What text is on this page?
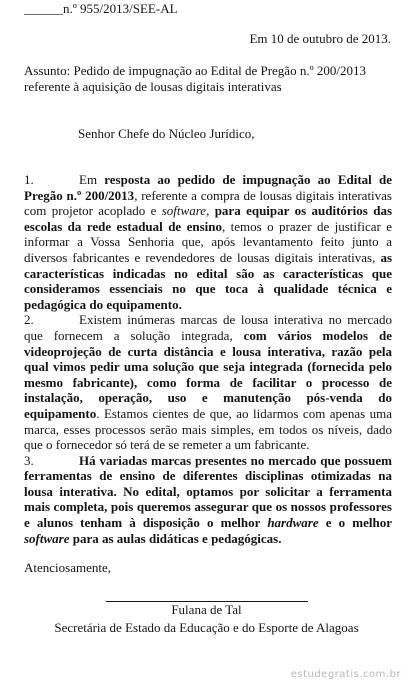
______n.º 955/2013/SEE-AL
Em 10 de outubro de 2013.
Assunto: Pedido de impugnação ao Edital de Pregão n.º 200/2013 referente à aquisição de lousas digitais interativas
Senhor Chefe do Núcleo Jurídico,

1.	Em resposta ao pedido de impugnação ao Edital de Pregão n.º 200/2013, referente a compra de lousas digitais interativas com projetor acoplado e software, para equipar os auditórios das escolas da rede estadual de ensino, temos o prazer de justificar e informar a Vossa Senhoria que, após levantamento feito junto a diversos fabricantes e revendedores de lousas digitais interativas, as características indicadas no edital são as características que consideramos essenciais no que toca à qualidade técnica e pedagógica do equipamento.

2.	Existem inúmeras marcas de lousa interativa no mercado que fornecem a solução integrada, com vários modelos de videoprojeção de curta distância e lousa interativa, razão pela qual vimos pedir uma solução que seja integrada (fornecida pelo mesmo fabricante), como forma de facilitar o processo de instalação, operação, uso e manutenção pós-venda do equipamento. Estamos cientes de que, ao lidarmos com apenas uma marca, esses processos serão mais simples, em todos os níveis, dado que o fornecedor só terá de se remeter a um fabricante.

3.	Há variadas marcas presentes no mercado que possuem ferramentas de ensino de diferentes disciplinas otimizadas na lousa interativa. No edital, optamos por solicitar a ferramenta mais completa, pois queremos assegurar que os nossos professores e alunos tenham à disposição o melhor hardware e o melhor software para as aulas didáticas e pedagógicas.

Atenciosamente,
Fulana de Tal
Secretária de Estado da Educação e do Esporte de Alagoas
estudegratis.com.br
